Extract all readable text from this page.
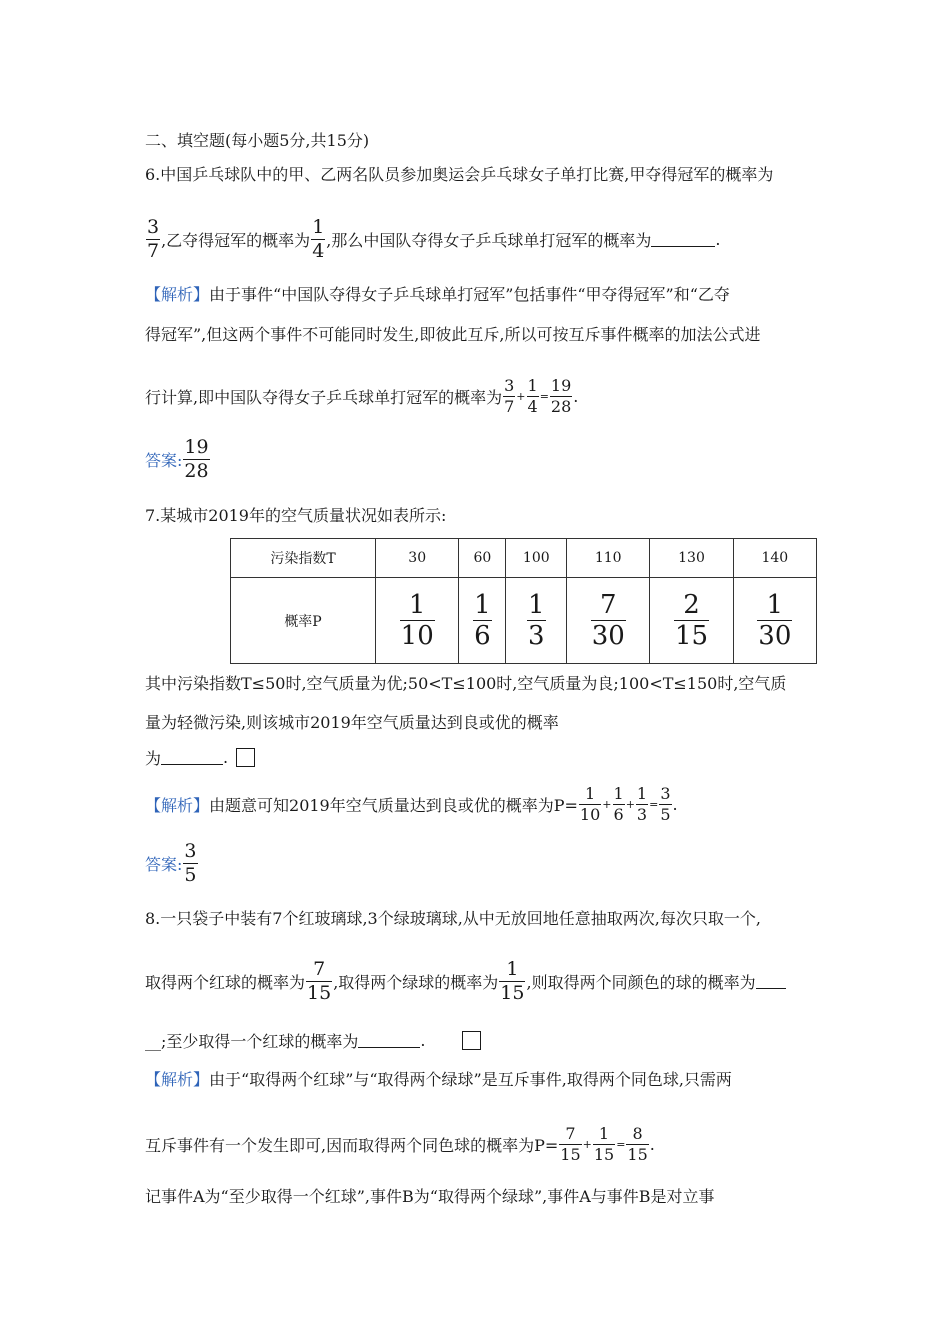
二、填空题(每小题5分,共15分)
6.中国乒乓球队中的甲、乙两名队员参加奥运会乒乓球女子单打比赛,甲夺得冠军的概率为
$\frac{3}{7}$ ,乙夺得冠军的概率为 $\frac{1}{4}$ ,那么中国队夺得女子乒乓球单打冠军的概率为	.
【解析】 由于事件“中国队夺得女子乒乓球单打冠军”包括事件“甲夺得冠军”和“乙夺
得冠军”,但这两个事件不可能同时发生,即彼此互斥,所以可按互斥事件概率的加法公式进
行计算,即中国队夺得女子乒乓球单打冠军的概率为 $\frac{3}{7} + \frac{1}{4} = \frac{19}{28}$ .
答案: $\frac{19}{28}$
7.某城市2019年的空气质量状况如表所示:
污染指数T	30	60	100	110	130	140
概率P	$\frac{1}{10}$	$\frac{1}{6}$	$\frac{1}{3}$	$\frac{7}{30}$	$\frac{2}{15}$	$\frac{1}{30}$
其中污染指数T≤50时,空气质量为优;50<T≤100时,空气质量为良;100<T≤150时,空气质
量为轻微污染,则该城市2019年空气质量达到良或优的概率
为	.
【解析】 由题意可知2019年空气质量达到良或优的概率为$P= \frac{1}{10} + \frac{1}{6} + \frac{1}{3} = \frac{3}{5}$ .
答案: $\frac{3}{5}$
8.一只袋子中装有7个红玻璃球,3个绿玻璃球,从中无放回地任意抽取两次,每次只取一个,
取得两个红球的概率为 $\frac{7}{15}$ ,取得两个绿球的概率为 $\frac{1}{15}$ ,则取得两个同颜色的球的概率为
__;至少取得一个红球的概率为	.
【解析】 由于“取得两个红球”与“取得两个绿球”是互斥事件,取得两个同色球,只需两
互斥事件有一个发生即可,因而取得两个同色球的概率为$P= \frac{7}{15} + \frac{1}{15} = \frac{8}{15}$ .
记事件A为“至少取得一个红球”,事件B为“取得两个绿球”,事件A与事件B是对立事
